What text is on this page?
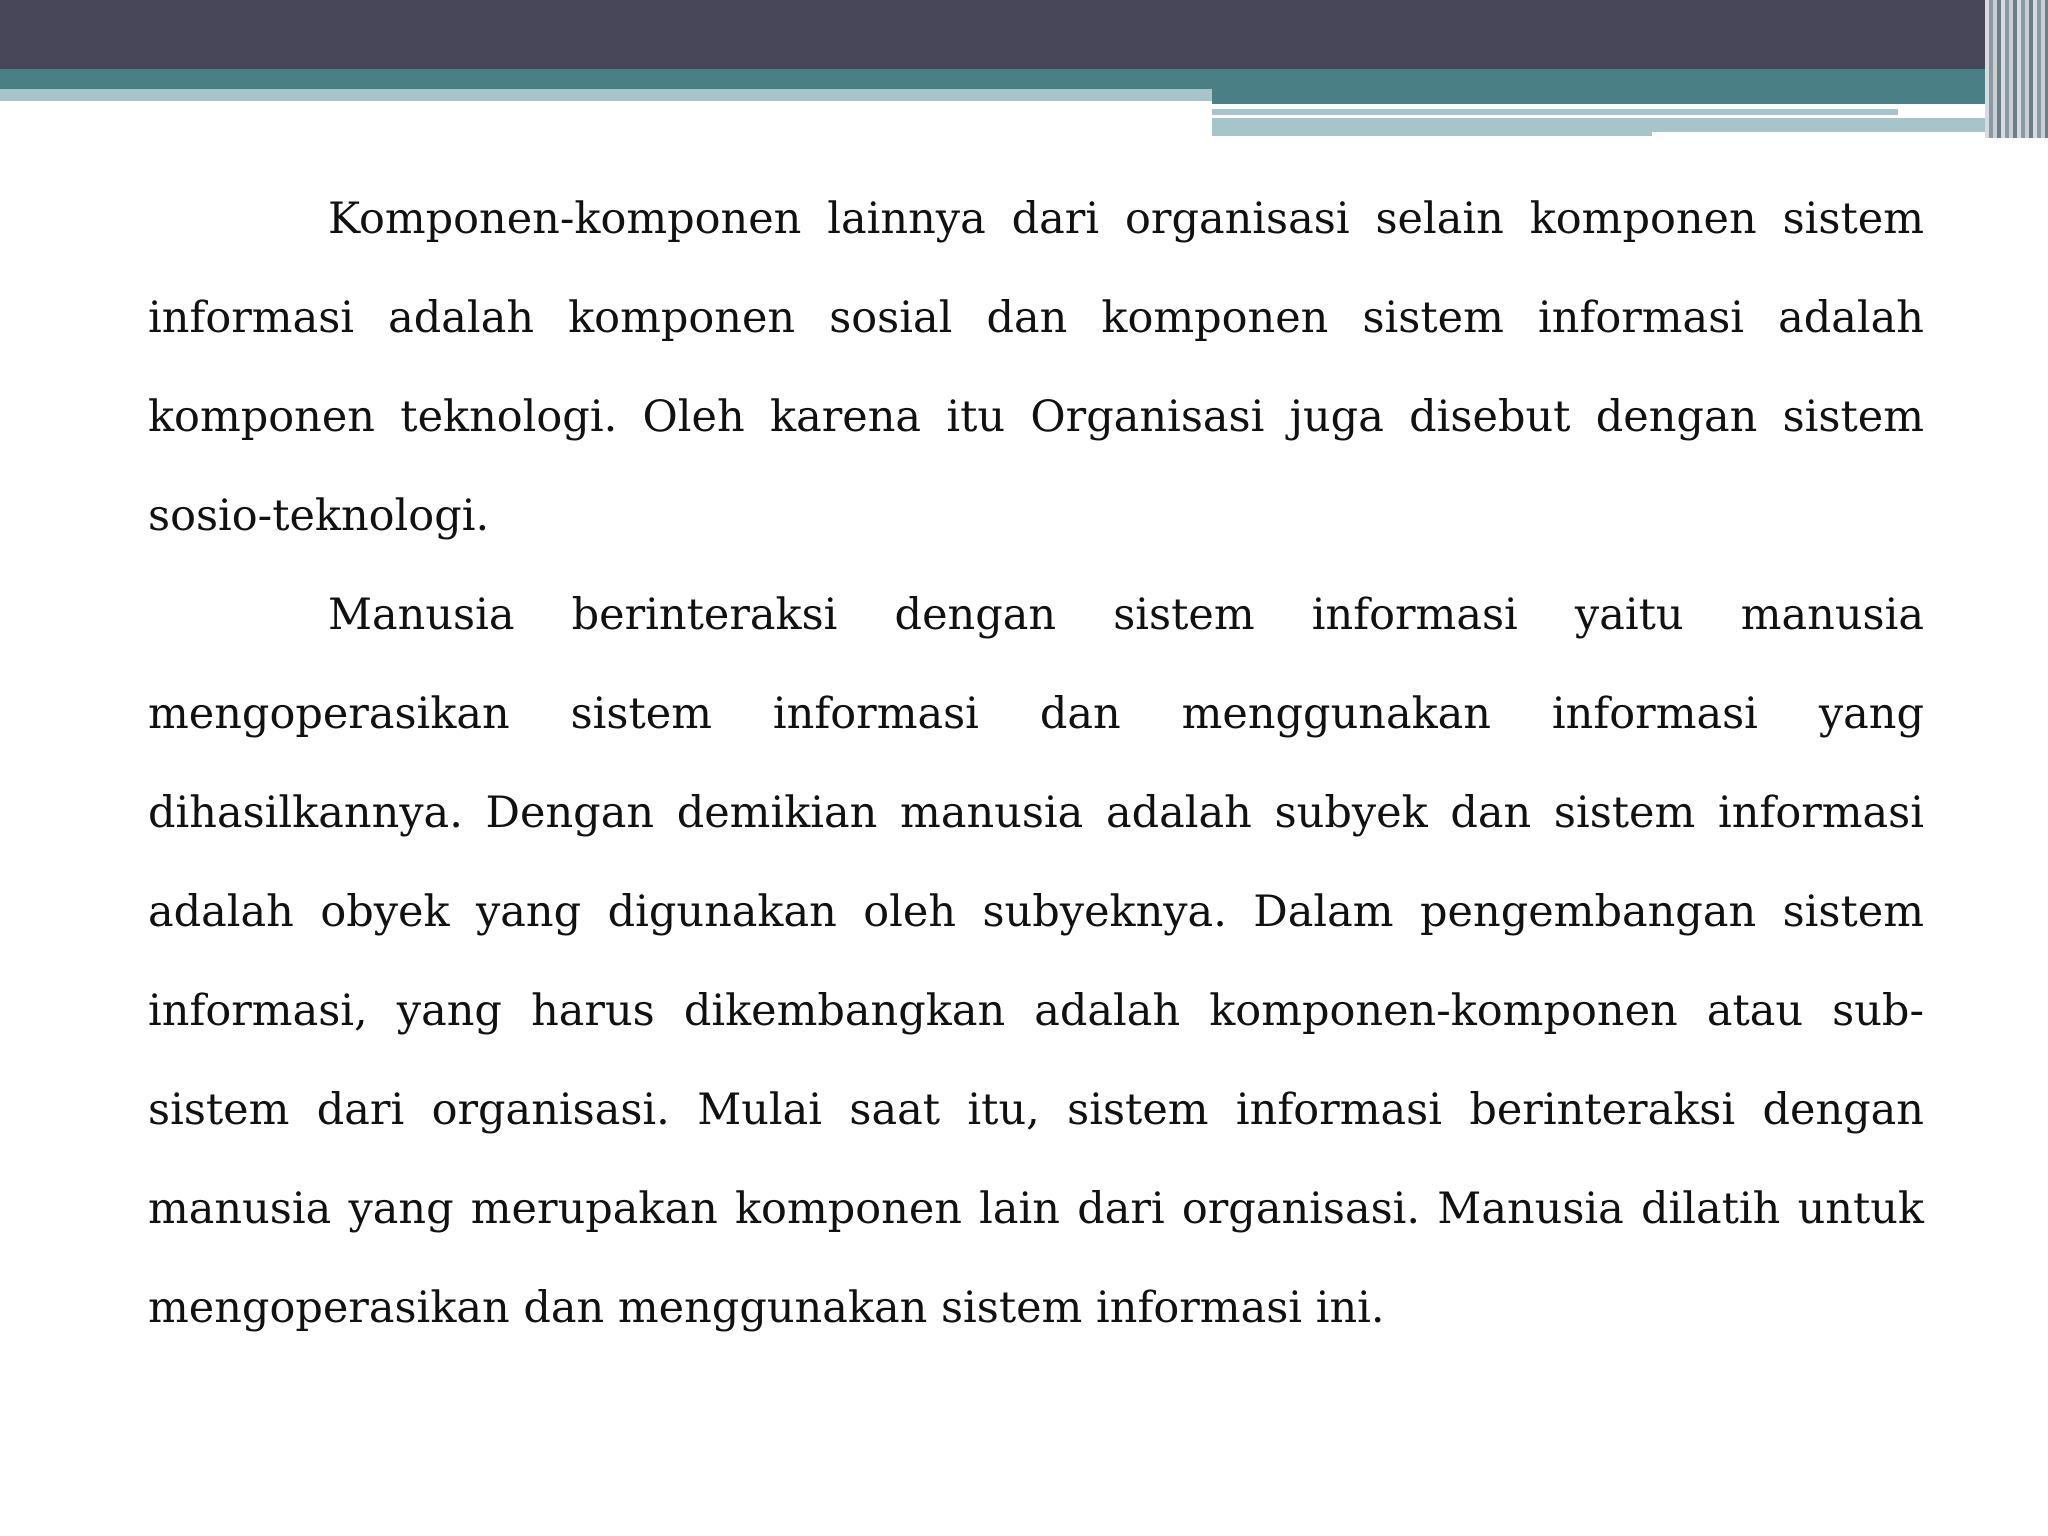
Komponen-komponen lainnya dari organisasi selain komponen sistem informasi adalah komponen sosial dan komponen sistem informasi adalah komponen teknologi. Oleh karena itu Organisasi juga disebut dengan sistem sosio-teknologi.

Manusia berinteraksi dengan sistem informasi yaitu manusia mengoperasikan sistem informasi dan menggunakan informasi yang dihasilkannya. Dengan demikian manusia adalah subyek dan sistem informasi adalah obyek yang digunakan oleh subyeknya. Dalam pengembangan sistem informasi, yang harus dikembangkan adalah komponen-komponen atau sub-sistem dari organisasi. Mulai saat itu, sistem informasi berinteraksi dengan manusia yang merupakan komponen lain dari organisasi. Manusia dilatih untuk mengoperasikan dan menggunakan sistem informasi ini.
